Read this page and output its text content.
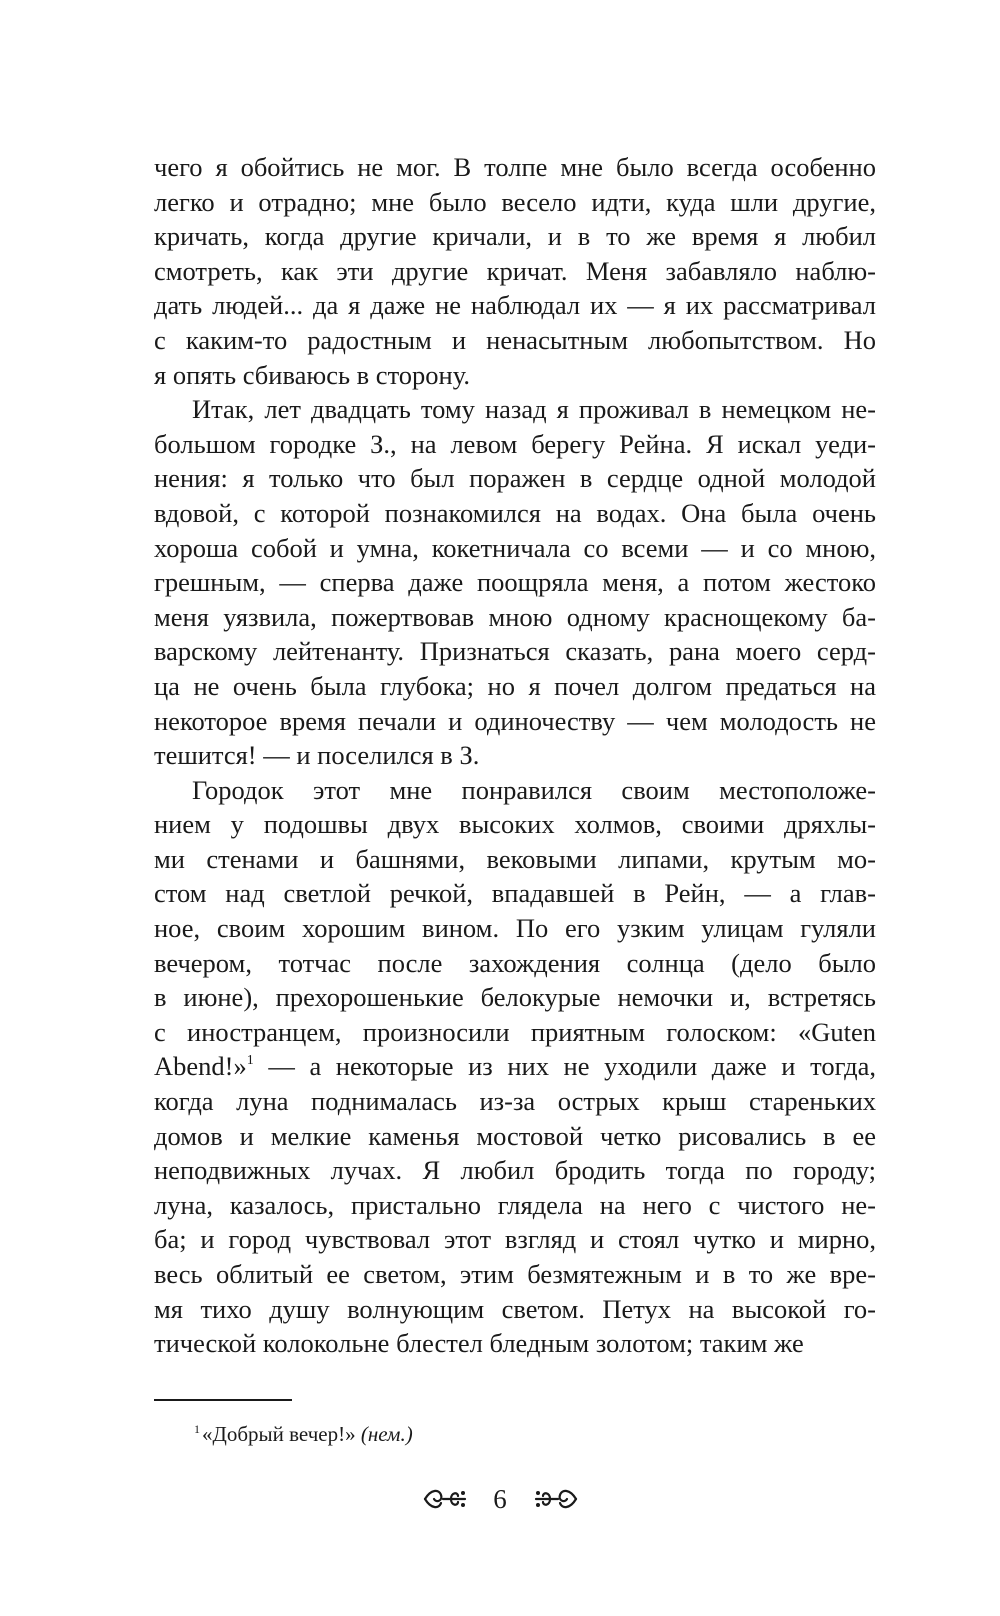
чего я обойтись не мог. В толпе мне было всегда особенно
легко и отрадно; мне было весело идти, куда шли другие,
кричать, когда другие кричали, и в то же время я любил
смотреть, как эти другие кричат. Меня забавляло наблю-
дать людей... да я даже не наблюдал их — я их рассматривал
с каким-то радостным и ненасытным любопытством. Но
я опять сбиваюсь в сторону.
Итак, лет двадцать тому назад я проживал в немецком не-
большом городке З., на левом берегу Рейна. Я искал уеди-
нения: я только что был поражен в сердце одной молодой
вдовой, с которой познакомился на водах. Она была очень
хороша собой и умна, кокетничала со всеми — и со мною,
грешным, — сперва даже поощряла меня, а потом жестоко
меня уязвила, пожертвовав мною одному краснощекому ба-
варскому лейтенанту. Признаться сказать, рана моего серд-
ца не очень была глубока; но я почел долгом предаться на
некоторое время печали и одиночеству — чем молодость не
тешится! — и поселился в З.
Городок этот мне понравился своим местоположе-
нием у подошвы двух высоких холмов, своими дряхлы-
ми стенами и башнями, вековыми липами, крутым мо-
стом над светлой речкой, впадавшей в Рейн, — а глав-
ное, своим хорошим вином. По его узким улицам гуляли
вечером, тотчас после захождения солнца (дело было
в июне), прехорошенькие белокурые немочки и, встретясь
с иностранцем, произносили приятным голоском: «Guten
Abend!»$^1$ — а некоторые из них не уходили даже и тогда,
когда луна поднималась из-за острых крыш стареньких
домов и мелкие каменья мостовой четко рисовались в ее
неподвижных лучах. Я любил бродить тогда по городу;
луна, казалось, пристально глядела на него с чистого не-
ба; и город чувствовал этот взгляд и стоял чутко и мирно,
весь облитый ее светом, этим безмятежным и в то же вре-
мя тихо душу волнующим светом. Петух на высокой го-
тической колокольне блестел бледным золотом; таким же
$^1$«Добрый вечер!» (нем.)
6
